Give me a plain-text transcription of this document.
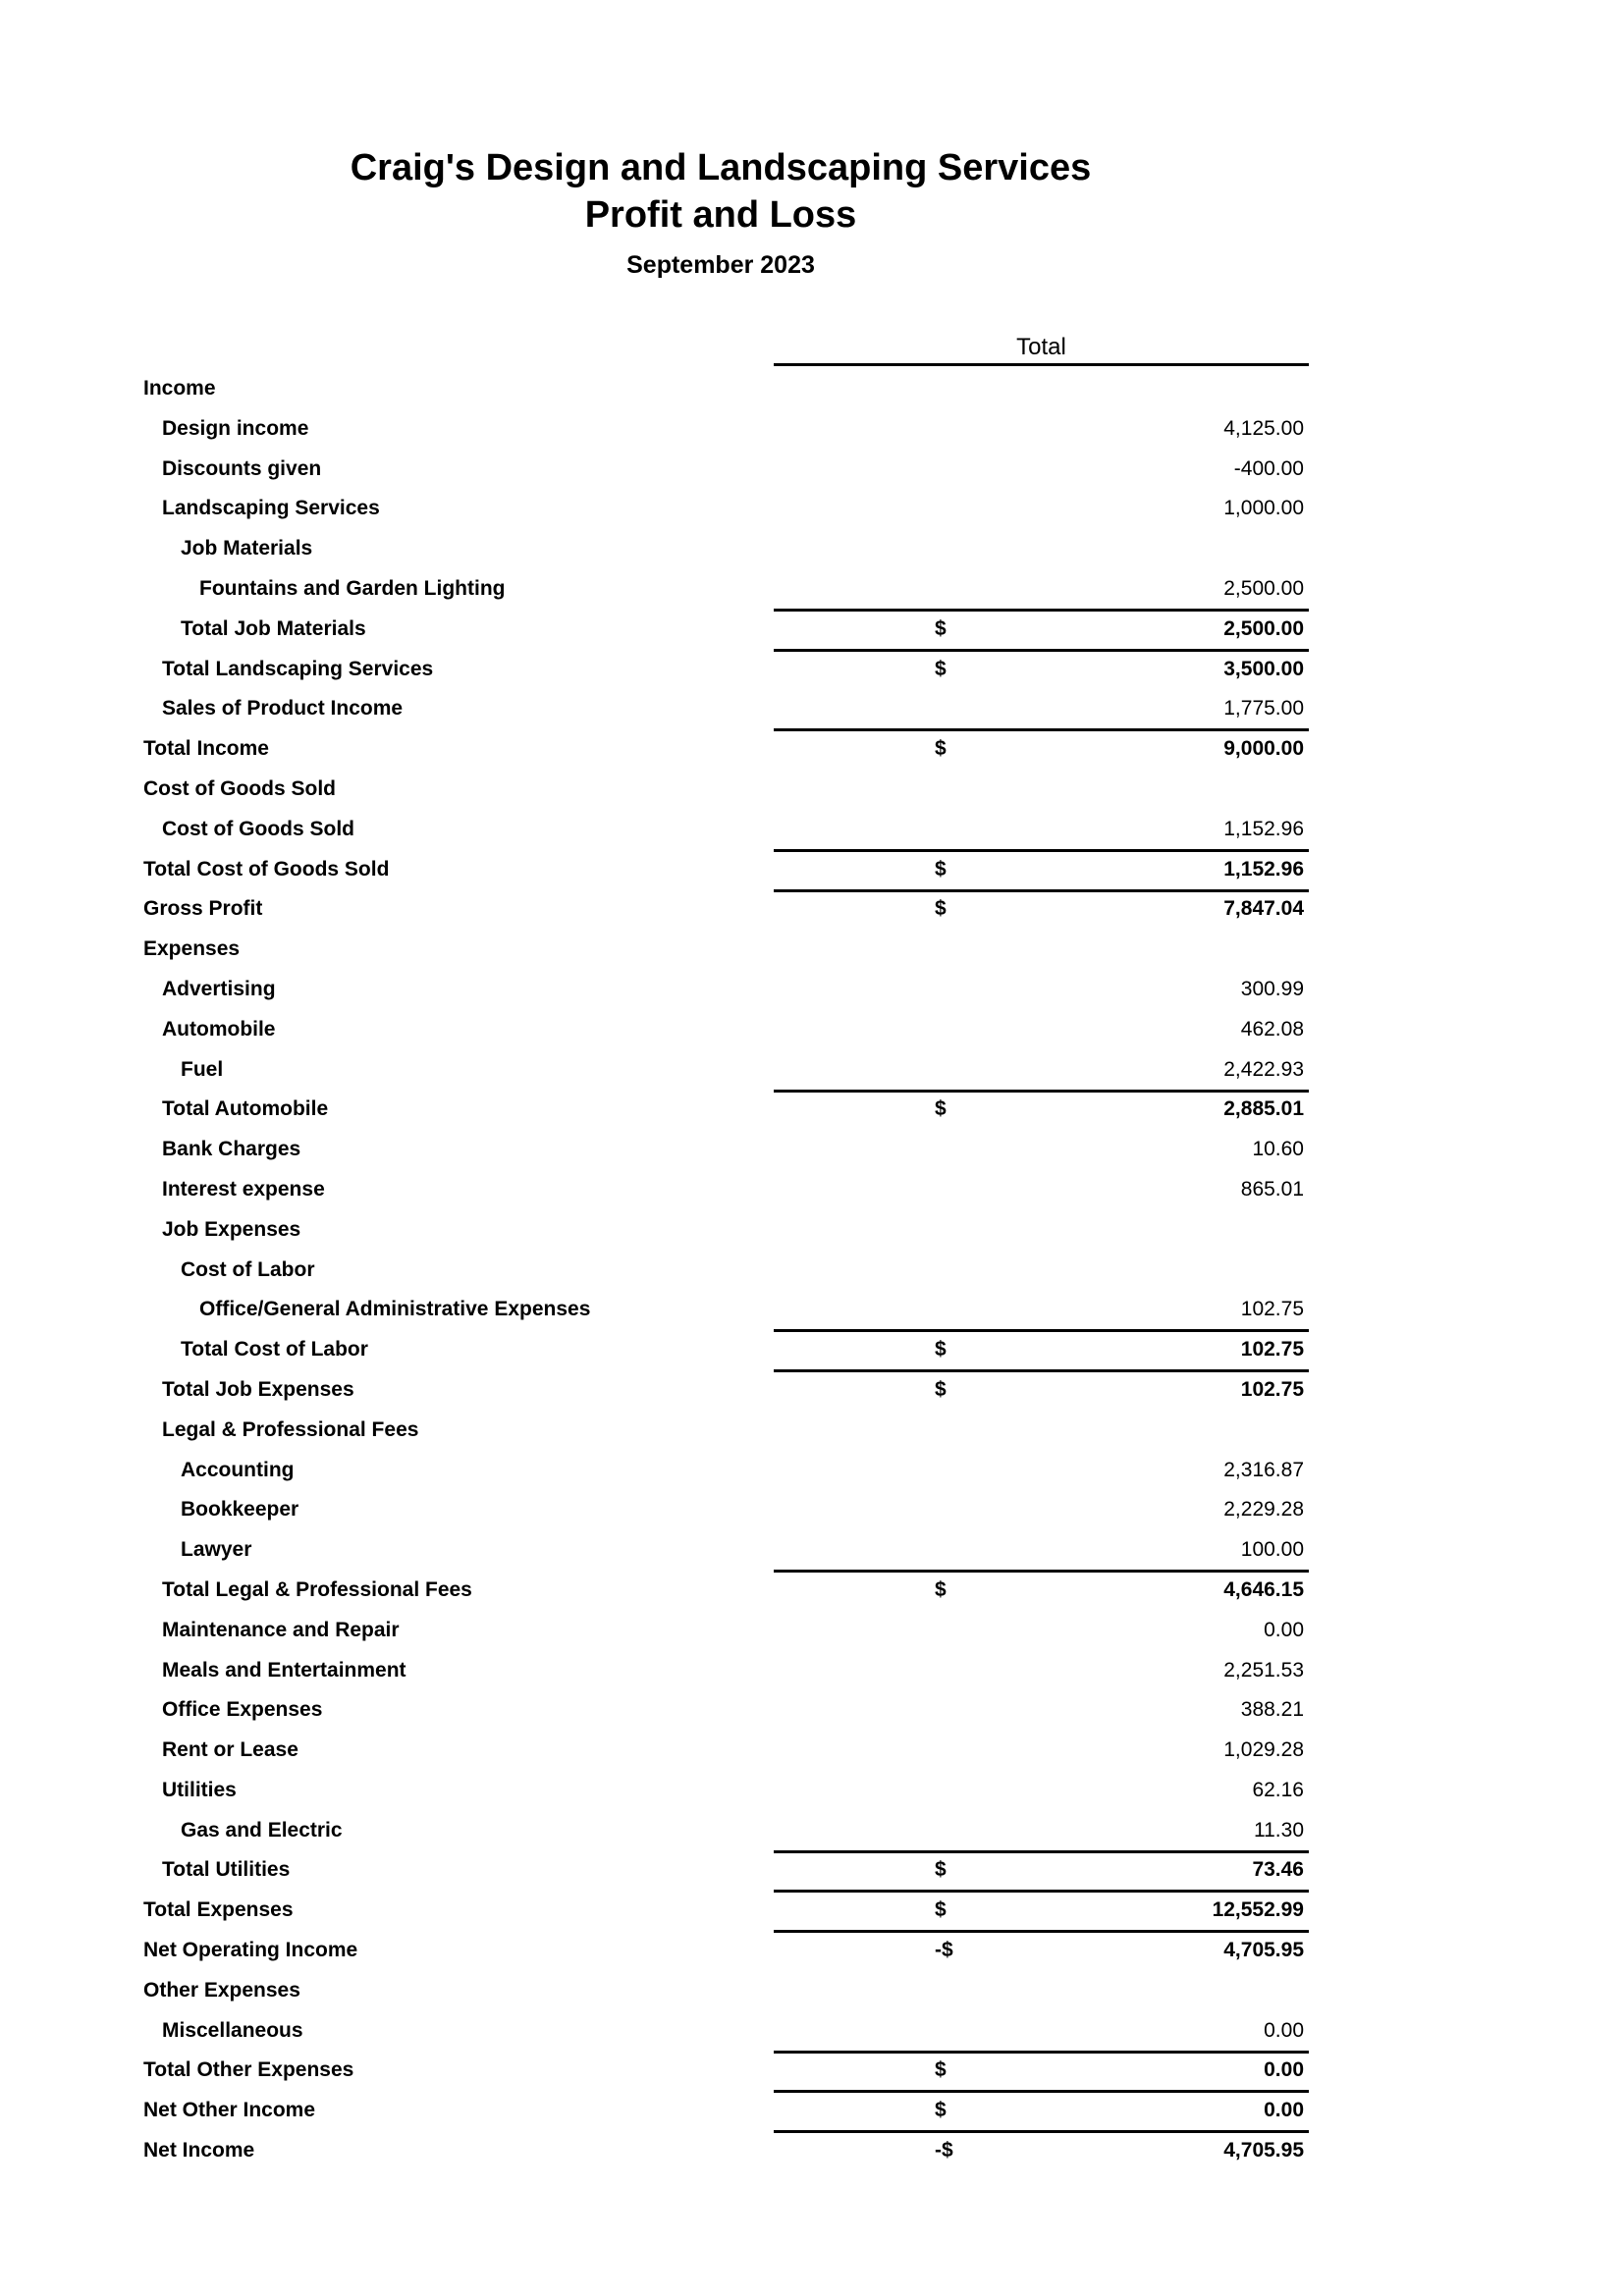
Craig's Design and Landscaping Services
Profit and Loss
September 2023
Total
Income
Design income	4,125.00
Discounts given	-400.00
Landscaping Services	1,000.00
Job Materials
Fountains and Garden Lighting	2,500.00
Total Job Materials	$	2,500.00
Total Landscaping Services	$	3,500.00
Sales of Product Income	1,775.00
Total Income	$	9,000.00
Cost of Goods Sold
Cost of Goods Sold	1,152.96
Total Cost of Goods Sold	$	1,152.96
Gross Profit	$	7,847.04
Expenses
Advertising	300.99
Automobile	462.08
Fuel	2,422.93
Total Automobile	$	2,885.01
Bank Charges	10.60
Interest expense	865.01
Job Expenses
Cost of Labor
Office/General Administrative Expenses	102.75
Total Cost of Labor	$	102.75
Total Job Expenses	$	102.75
Legal & Professional Fees
Accounting	2,316.87
Bookkeeper	2,229.28
Lawyer	100.00
Total Legal & Professional Fees	$	4,646.15
Maintenance and Repair	0.00
Meals and Entertainment	2,251.53
Office Expenses	388.21
Rent or Lease	1,029.28
Utilities	62.16
Gas and Electric	11.30
Total Utilities	$	73.46
Total Expenses	$	12,552.99
Net Operating Income	-$	4,705.95
Other Expenses
Miscellaneous	0.00
Total Other Expenses	$	0.00
Net Other Income	$	0.00
Net Income	-$	4,705.95
